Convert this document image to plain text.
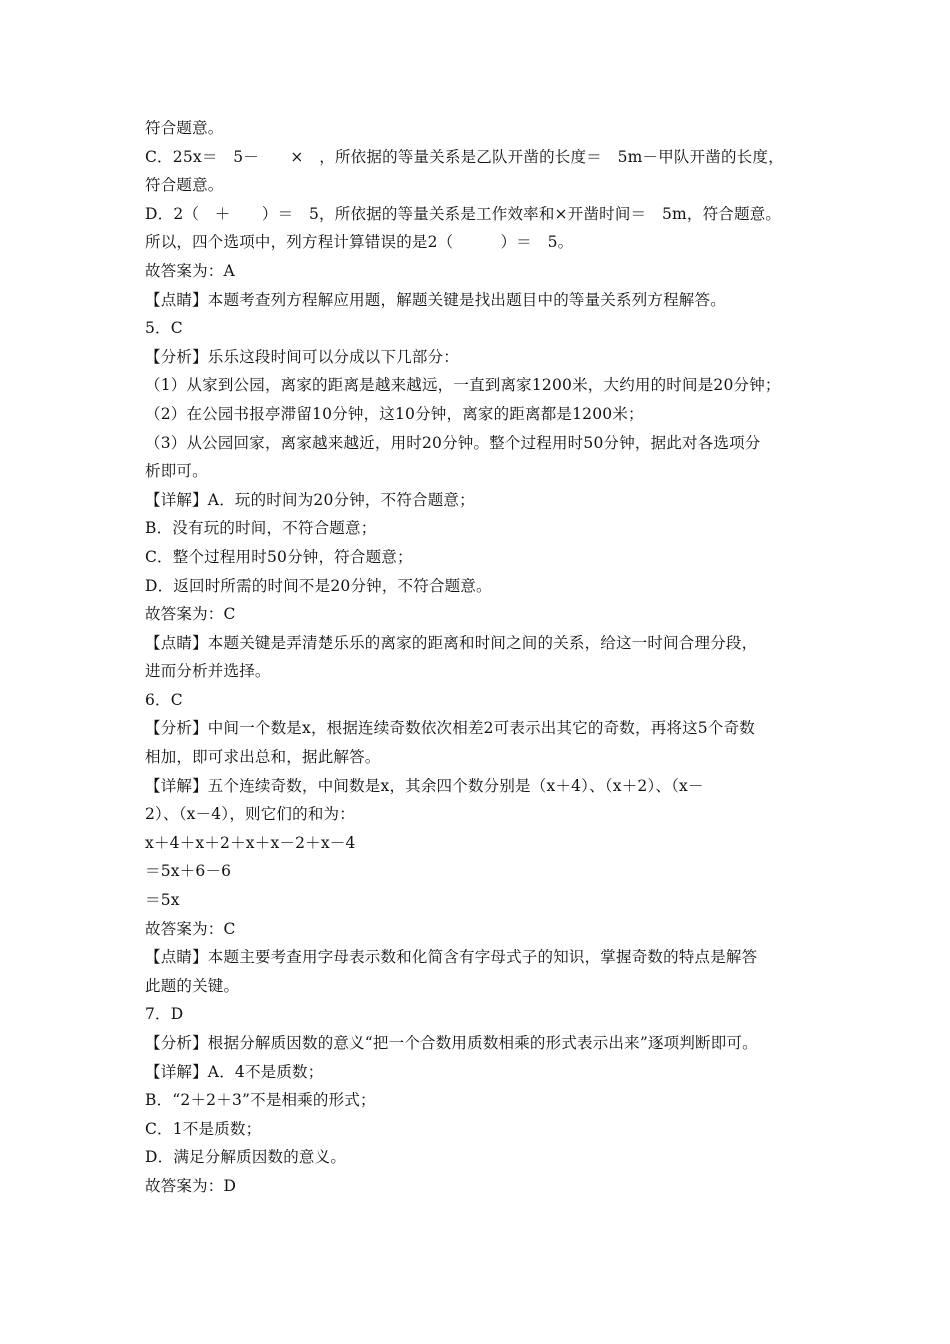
符合题意。
C．25x＝　5－　　×　，所依据的等量关系是乙队开凿的长度＝　5m－甲队开凿的长度，
符合题意。
D．2（　＋　　）＝　5，所依据的等量关系是工作效率和×开凿时间＝　5m，符合题意。
所以，四个选项中，列方程计算错误的是2（　　　）＝　5。
故答案为：A
【点睛】本题考查列方程解应用题，解题关键是找出题目中的等量关系列方程解答。
5．C
【分析】乐乐这段时间可以分成以下几部分：
（1）从家到公园，离家的距离是越来越远，一直到离家1200米，大约用的时间是20分钟；
（2）在公园书报亭滞留10分钟，这10分钟，离家的距离都是1200米；
（3）从公园回家，离家越来越近，用时20分钟。整个过程用时50分钟，据此对各选项分
析即可。
【详解】A．玩的时间为20分钟，不符合题意；
B．没有玩的时间，不符合题意；
C．整个过程用时50分钟，符合题意；
D．返回时所需的时间不是20分钟，不符合题意。
故答案为：C
【点睛】本题关键是弄清楚乐乐的离家的距离和时间之间的关系，给这一时间合理分段，
进而分析并选择。
6．C
【分析】中间一个数是x，根据连续奇数依次相差2可表示出其它的奇数，再将这5个奇数
相加，即可求出总和，据此解答。
【详解】五个连续奇数，中间数是x，其余四个数分别是（x＋4）、（x＋2）、（x－
2）、（x－4），则它们的和为：
x＋4＋x＋2＋x＋x－2＋x－4
＝5x＋6－6
＝5x
故答案为：C
【点睛】本题主要考查用字母表示数和化简含有字母式子的知识，掌握奇数的特点是解答
此题的关键。
7．D
【分析】根据分解质因数的意义“把一个合数用质数相乘的形式表示出来”逐项判断即可。
【详解】A．4不是质数；
B．“2＋2＋3”不是相乘的形式；
C．1不是质数；
D．满足分解质因数的意义。
故答案为：D
